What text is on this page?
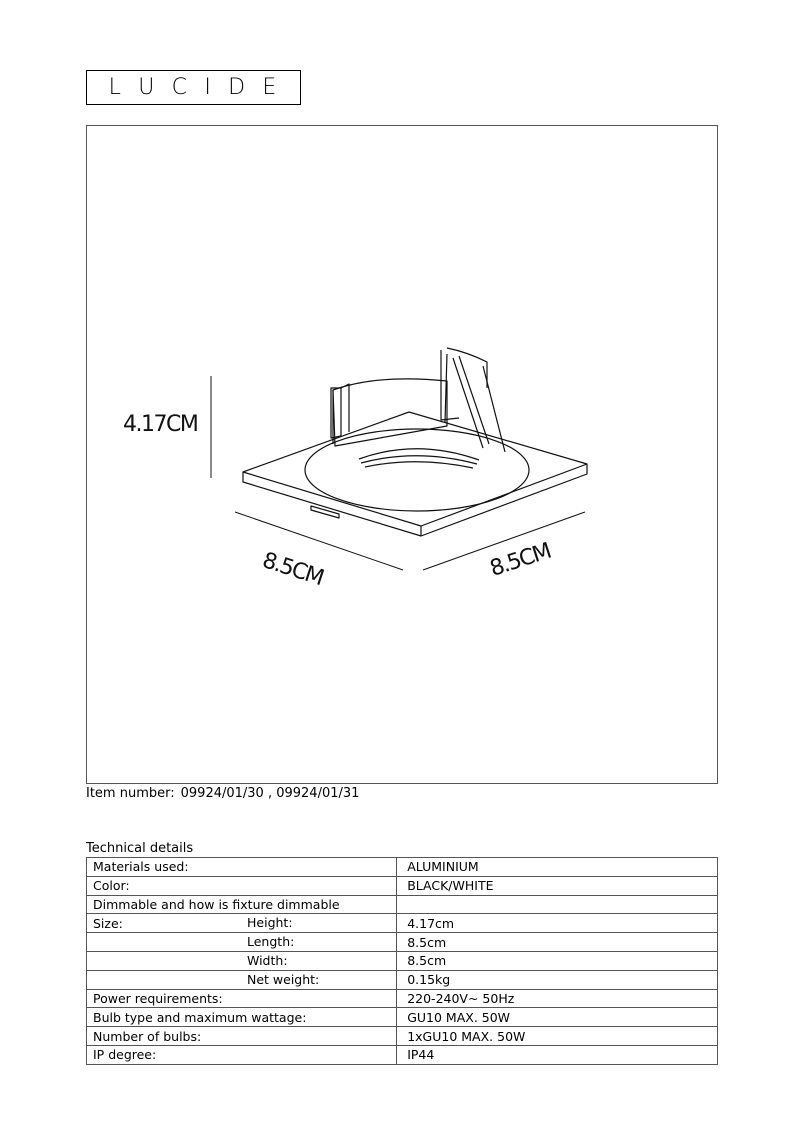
L U C I D E
4.17CM
8.5CM	8.5CM
Item number: 09924/01/30 , 09924/01/31
Technical details
Materials used:	ALUMINIUM
Color:	BLACK/WHITE
Dimmable and how is fixture dimmable	
Size: Height:	4.17cm

Length:	8.5cm

Width:	8.5cm

Net weight:	0.15kg
Power requirements:	220-240V~ 50Hz
Bulb type and maximum wattage:	GU10 MAX. 50W
Number of bulbs:	1xGU10 MAX. 50W
IP degree:	IP44
